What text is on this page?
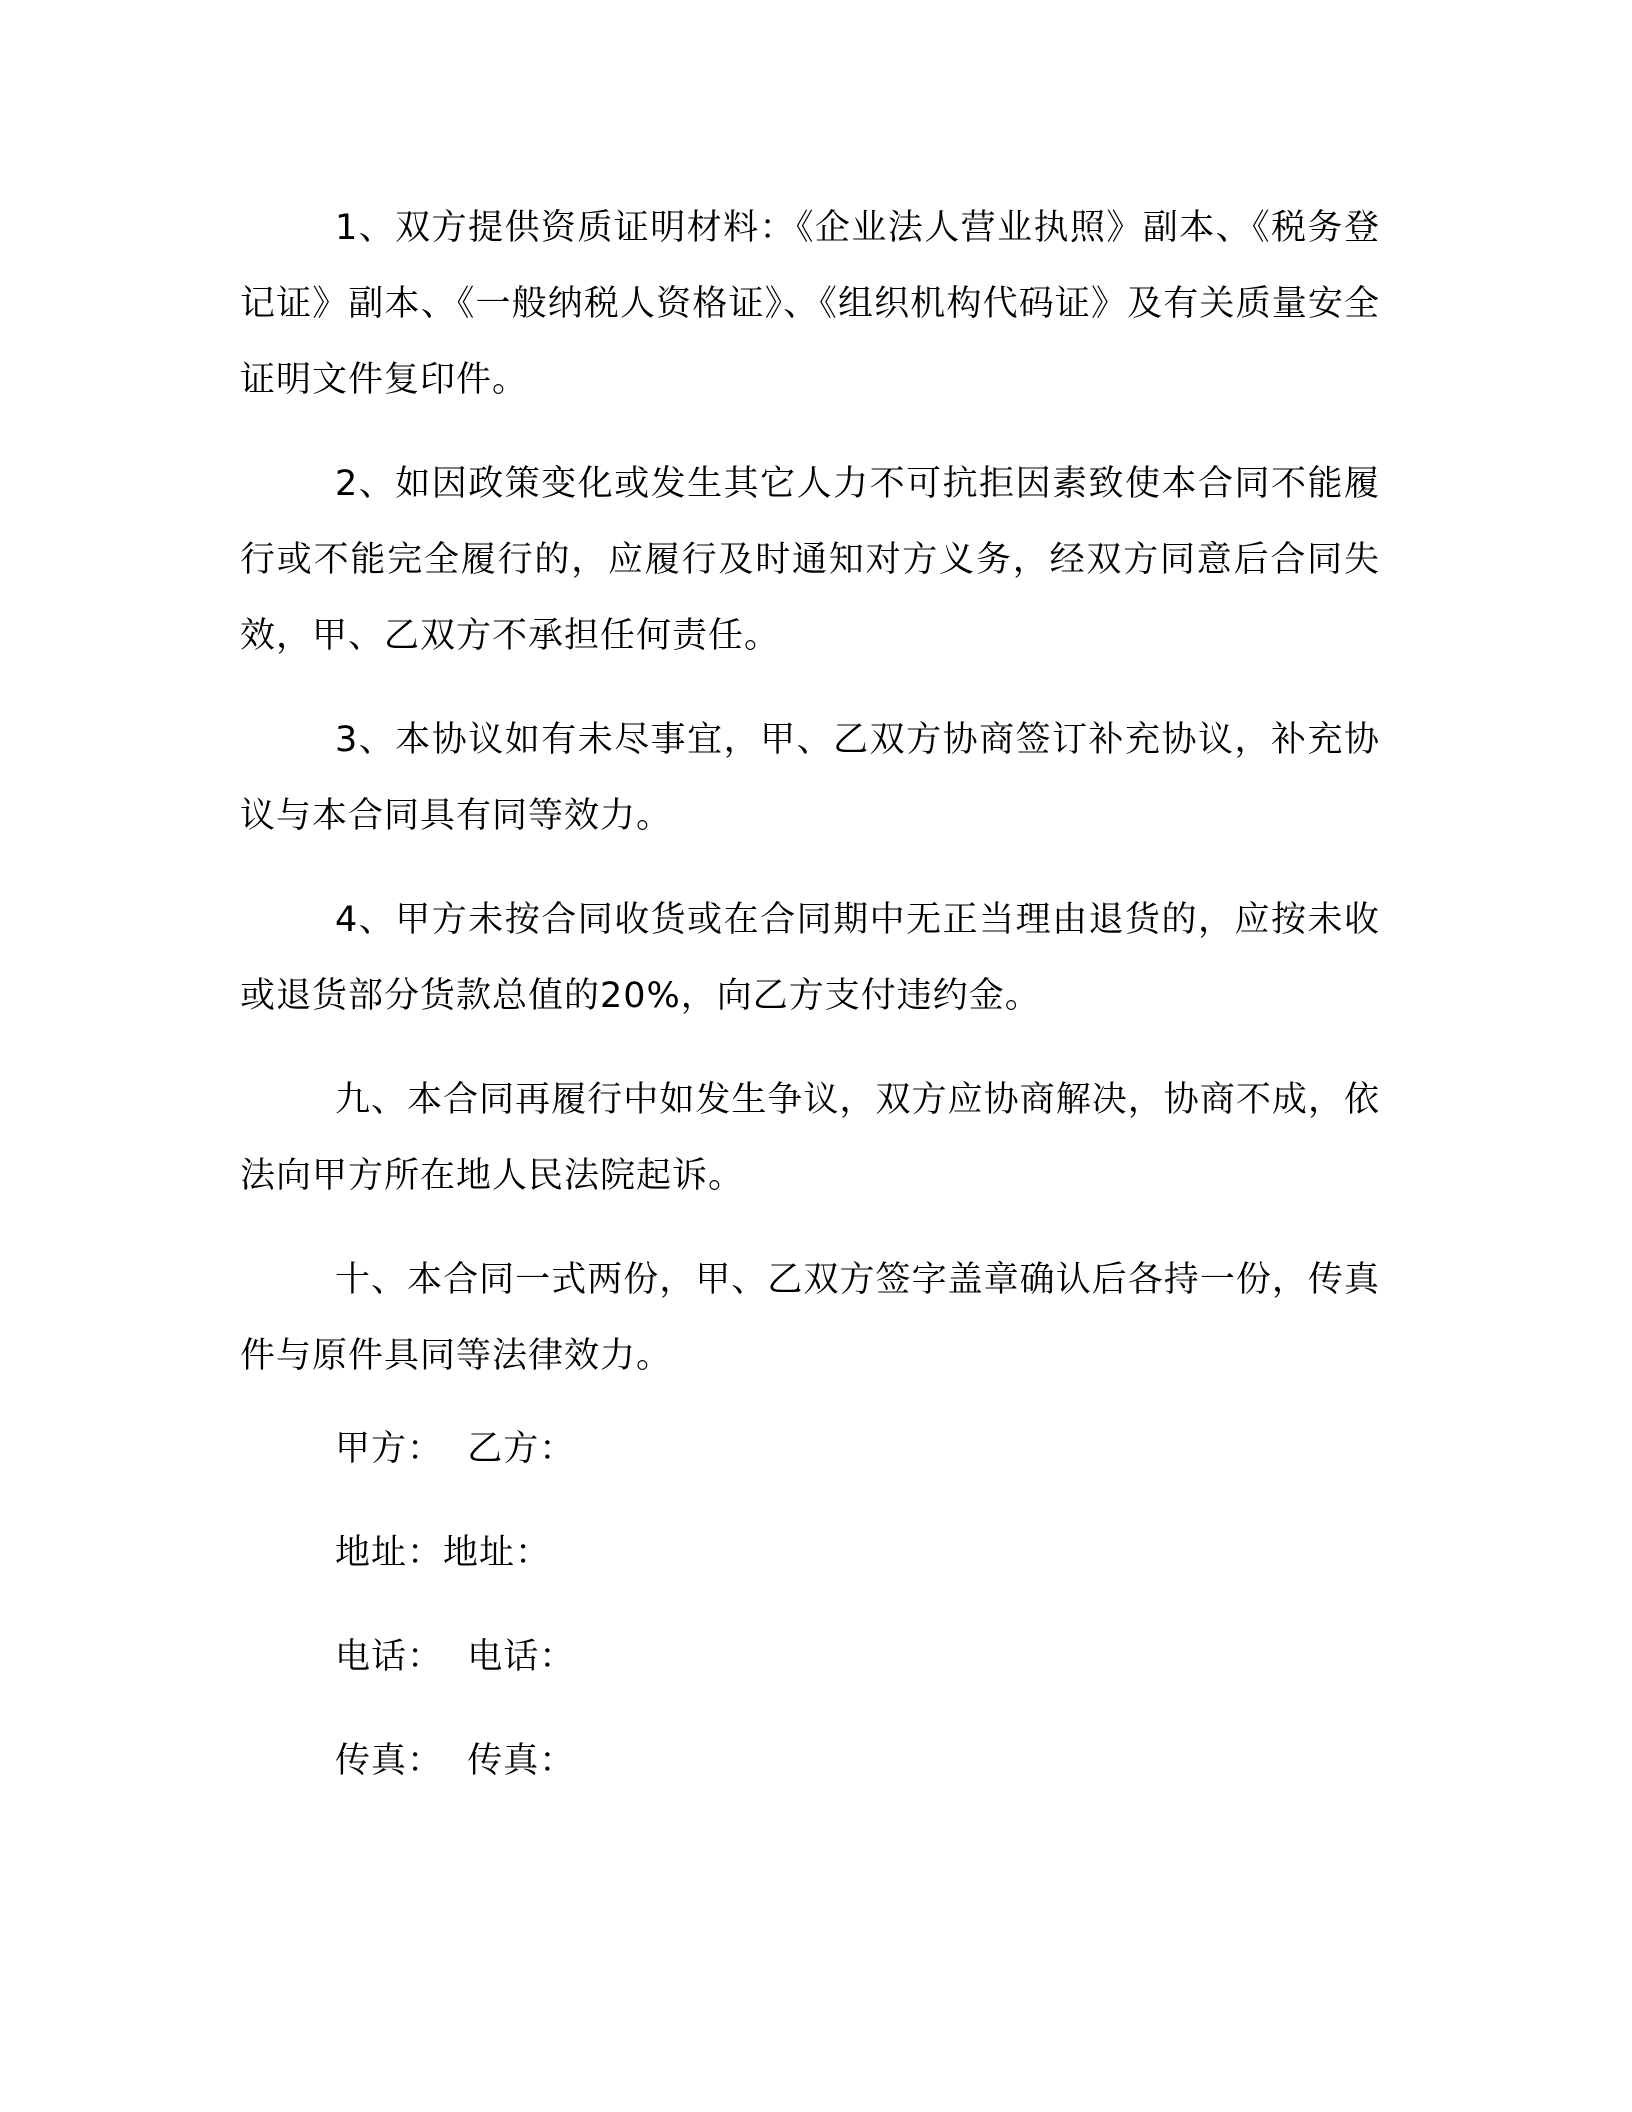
1、双方提供资质证明材料：《企业法人营业执照》副本、《税务登记证》副本、《一般纳税人资格证》、《组织机构代码证》及有关质量安全证明文件复印件。

2、如因政策变化或发生其它人力不可抗拒因素致使本合同不能履行或不能完全履行的，应履行及时通知对方义务，经双方同意后合同失效，甲、乙双方不承担任何责任。

3、本协议如有未尽事宜，甲、乙双方协商签订补充协议，补充协议与本合同具有同等效力。

4、甲方未按合同收货或在合同期中无正当理由退货的，应按未收或退货部分货款总值的20%，向乙方支付违约金。

九、本合同再履行中如发生争议，双方应协商解决，协商不成，依法向甲方所在地人民法院起诉。

十、本合同一式两份，甲、乙双方签字盖章确认后各持一份，传真件与原件具同等法律效力。

甲方：  乙方：
地址：地址：
电话：  电话：
传真：  传真：
